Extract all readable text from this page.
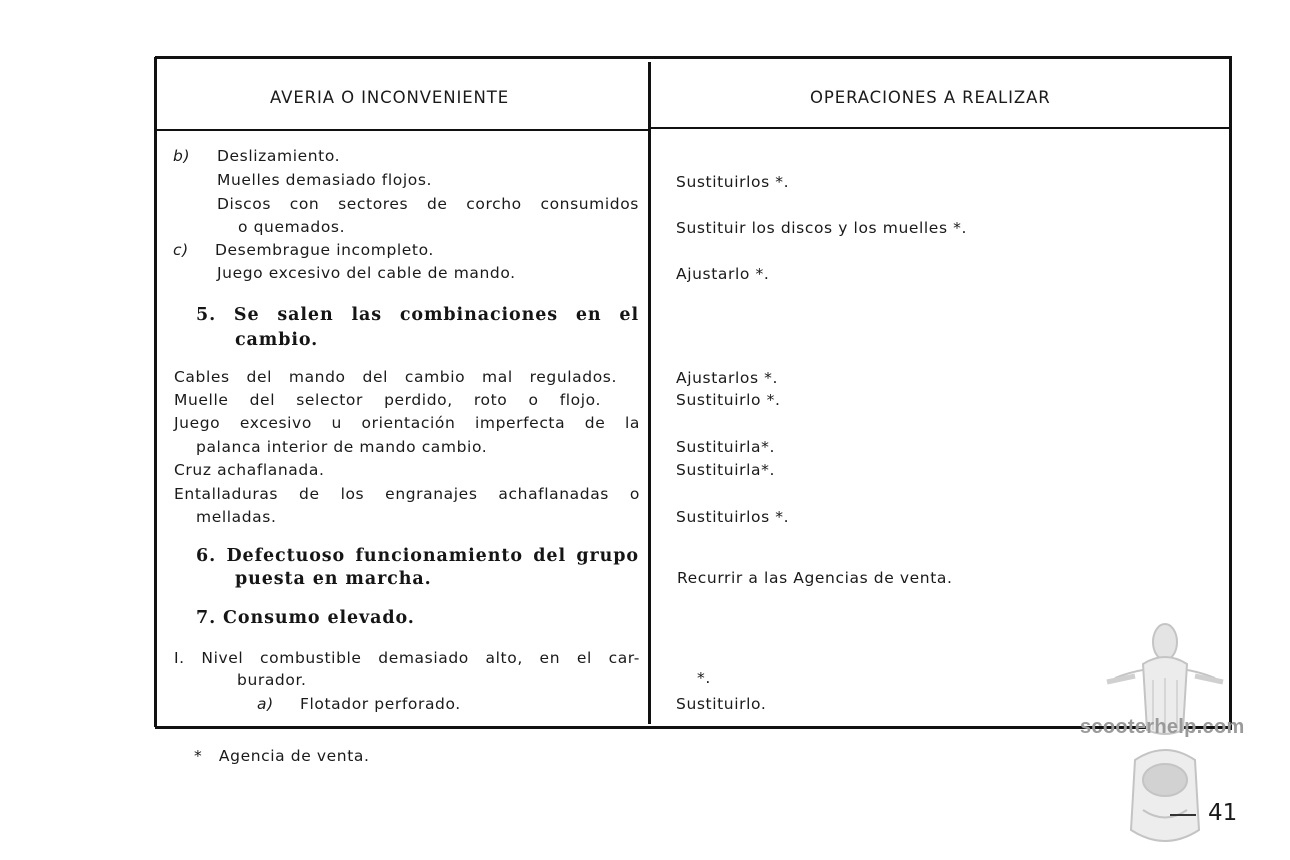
AVERIA O INCONVENIENTE	OPERACIONES A REALIZAR
b) Deslizamiento.
Muelles demasiado flojos.
Discos con sectores de corcho consumidos
o quemados.
c) Desembrague incompleto.
Juego excesivo del cable de mando.
5. Se salen las combinaciones en el
cambio.
Cables del mando del cambio mal regulados.
Muelle del selector perdido, roto o flojo.
Juego excesivo u orientación imperfecta de la
palanca interior de mando cambio.
Cruz achaflanada.
Entalladuras de los engranajes achaflanadas o
melladas.
6. Defectuoso funcionamiento del grupo
puesta en marcha.
7. Consumo elevado.
I. Nivel combustible demasiado alto, en el car-
burador.
a) Flotador perforado.
Sustituirlos *.
Sustituir los discos y los muelles *.
Ajustarlo *.
Ajustarlos *.
Sustituirlo *.
Sustituirla*.
Sustituirla*.
Sustituirlos *.
Recurrir a las Agencias de venta.
*.
Sustituirlo.
*   Agencia de venta.
scooterhelp.com
41
